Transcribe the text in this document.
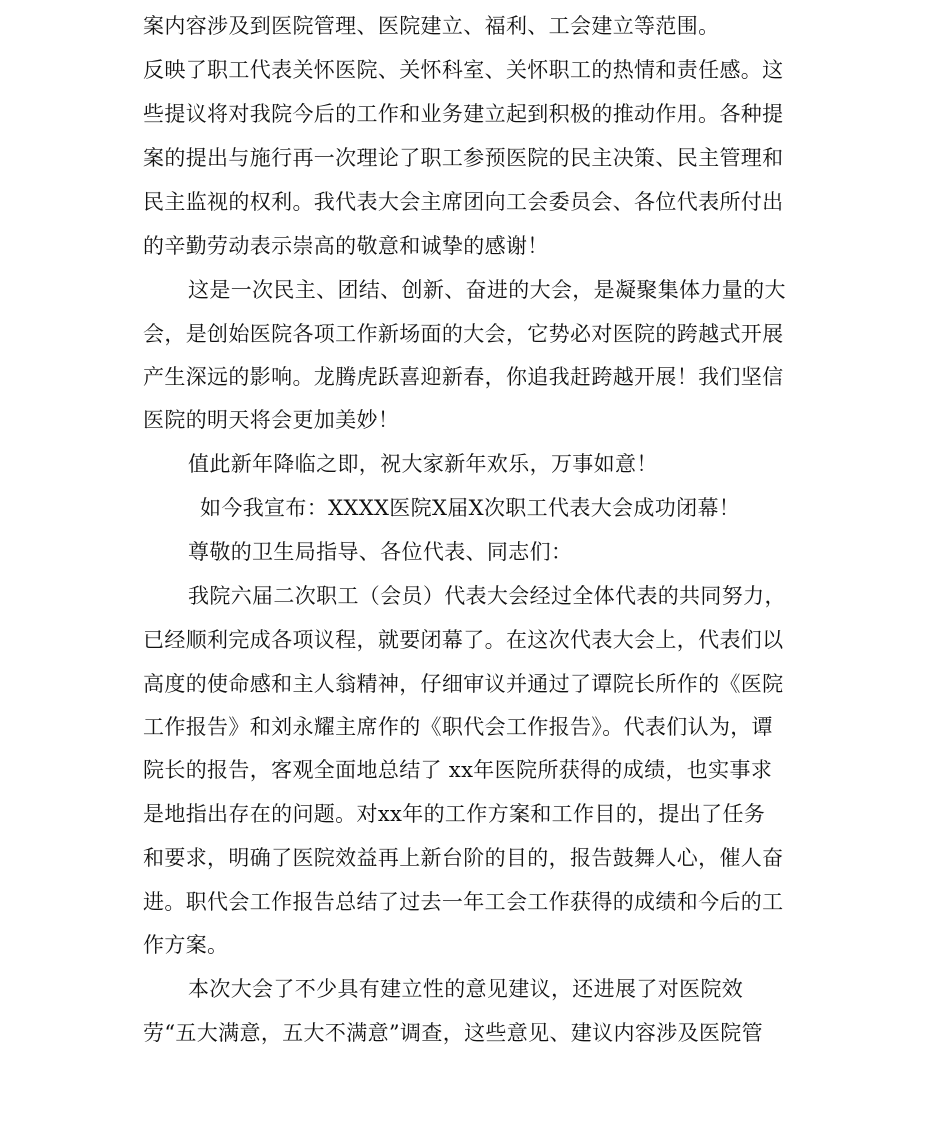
案内容涉及到医院管理、医院建立、福利、工会建立等范围。
反映了职工代表关怀医院、关怀科室、关怀职工的热情和责任感。这
些提议将对我院今后的工作和业务建立起到积极的推动作用。各种提
案的提出与施行再一次理论了职工参预医院的民主决策、民主管理和
民主监视的权利。我代表大会主席团向工会委员会、各位代表所付出
的辛勤劳动表示崇高的敬意和诚挚的感谢！
这是一次民主、团结、创新、奋进的大会，是凝聚集体力量的大
会，是创始医院各项工作新场面的大会，它势必对医院的跨越式开展
产生深远的影响。龙腾虎跃喜迎新春，你追我赶跨越开展！我们坚信
医院的明天将会更加美妙！
值此新年降临之即，祝大家新年欢乐，万事如意！
如今我宣布：XXXX医院X届X次职工代表大会成功闭幕！
尊敬的卫生局指导、各位代表、同志们：
我院六届二次职工（会员）代表大会经过全体代表的共同努力，
已经顺利完成各项议程，就要闭幕了。在这次代表大会上，代表们以
高度的使命感和主人翁精神，仔细审议并通过了谭院长所作的《医院
工作报告》和刘永耀主席作的《职代会工作报告》。代表们认为，谭
院长的报告，客观全面地总结了 xx年医院所获得的成绩，也实事求
是地指出存在的问题。对xx年的工作方案和工作目的，提出了任务
和要求，明确了医院效益再上新台阶的目的，报告鼓舞人心，催人奋
进。职代会工作报告总结了过去一年工会工作获得的成绩和今后的工
作方案。
本次大会了不少具有建立性的意见建议，还进展了对医院效
劳“五大满意，五大不满意”调查，这些意见、建议内容涉及医院管
